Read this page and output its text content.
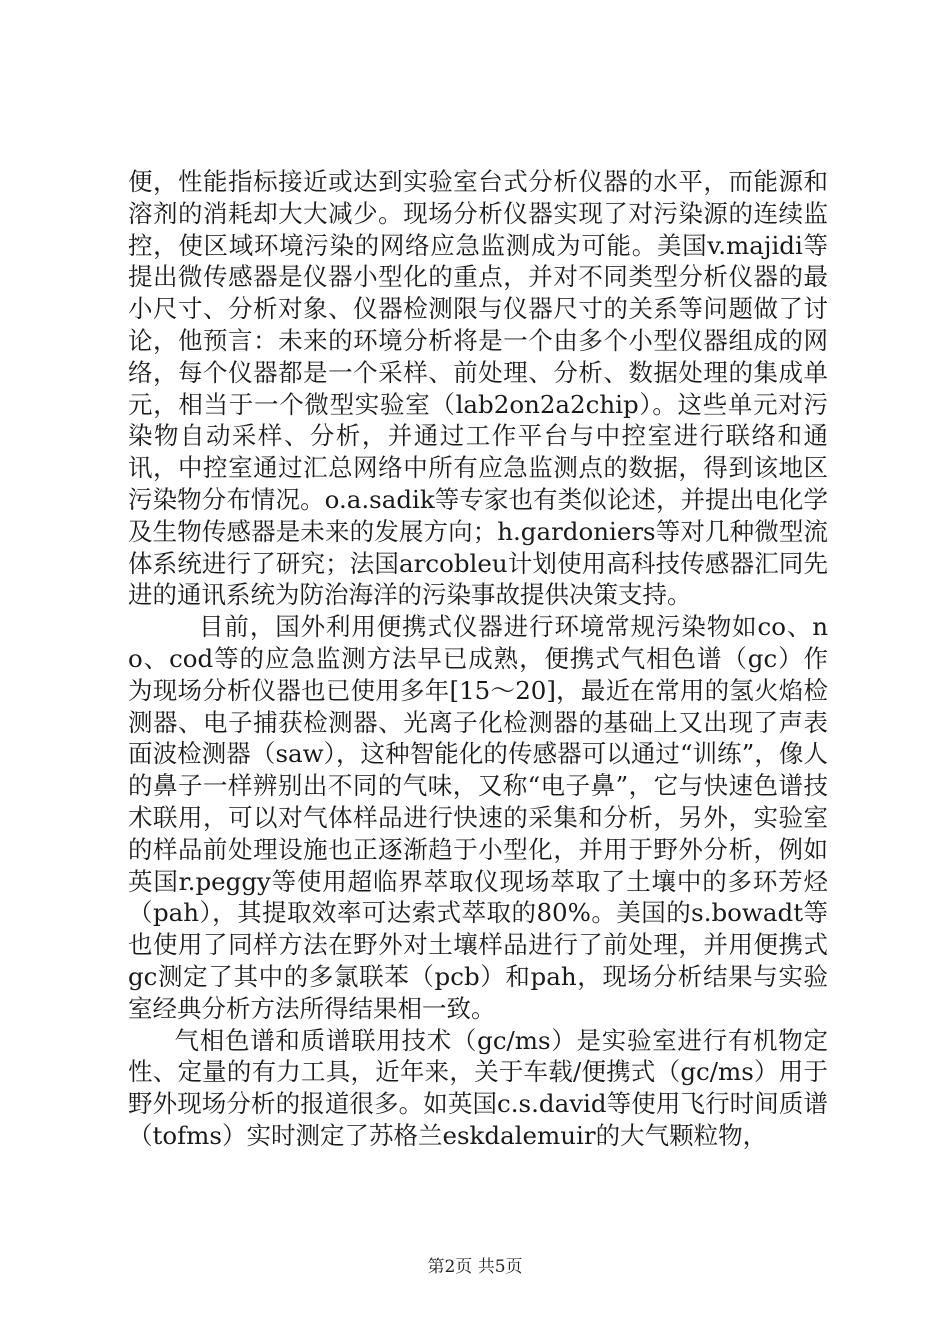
便，性能指标接近或达到实验室台式分析仪器的水平，而能源和溶剂的消耗却大大减少。现场分析仪器实现了对污染源的连续监控，使区域环境污染的网络应急监测成为可能。美国v.majidi等提出微传感器是仪器小型化的重点，并对不同类型分析仪器的最小尺寸、分析对象、仪器检测限与仪器尺寸的关系等问题做了讨论，他预言：未来的环境分析将是一个由多个小型仪器组成的网络，每个仪器都是一个采样、前处理、分析、数据处理的集成单元，相当于一个微型实验室（lab2on2a2chip）。这些单元对污染物自动采样、分析，并通过工作平台与中控室进行联络和通讯，中控室通过汇总网络中所有应急监测点的数据，得到该地区污染物分布情况。o.a.sadik等专家也有类似论述，并提出电化学及生物传感器是未来的发展方向；h.gardoniers等对几种微型流体系统进行了研究；法国arcobleu计划使用高科技传感器汇同先进的通讯系统为防治海洋的污染事故提供决策支持。

目前，国外利用便携式仪器进行环境常规污染物如co、no、cod等的应急监测方法早已成熟，便携式气相色谱（gc）作为现场分析仪器也已使用多年[15～20]，最近在常用的氢火焰检测器、电子捕获检测器、光离子化检测器的基础上又出现了声表面波检测器（saw），这种智能化的传感器可以通过“训练”，像人的鼻子一样辨别出不同的气味，又称“电子鼻”，它与快速色谱技术联用，可以对气体样品进行快速的采集和分析，另外，实验室的样品前处理设施也正逐渐趋于小型化，并用于野外分析，例如英国r.peggy等使用超临界萃取仪现场萃取了土壤中的多环芳烃（pah），其提取效率可达索式萃取的80%。美国的s.bowadt等也使用了同样方法在野外对土壤样品进行了前处理，并用便携式gc测定了其中的多氯联苯（pcb）和pah，现场分析结果与实验室经典分析方法所得结果相一致。

气相色谱和质谱联用技术（gc/ms）是实验室进行有机物定性、定量的有力工具，近年来，关于车载/便携式（gc/ms）用于野外现场分析的报道很多。如英国c.s.david等使用飞行时间质谱（tofms）实时测定了苏格兰eskdalemuir的大气颗粒物，

第2页 共5页
